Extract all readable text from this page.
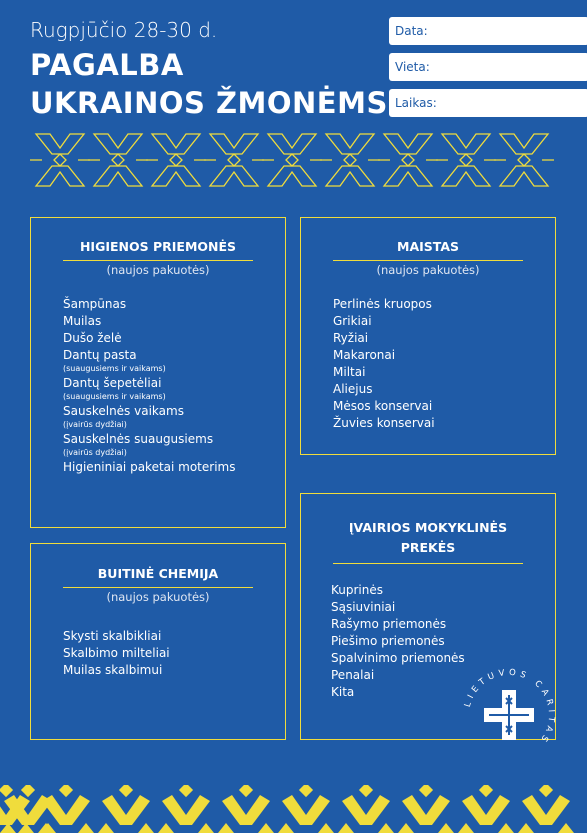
Rugpjūčio 28-30 d.
PAGALBA
UKRAINOS ŽMONĖMS
Data:
Vieta:
Laikas:
HIGIENOS PRIEMONĖS
(naujos pakuotės)
Šampūnas
Muilas
Dušo želė
Dantų pasta
(suaugusiems ir vaikams)
Dantų šepetėliai
(suaugusiems ir vaikams)
Sauskelnės vaikams
(įvairūs dydžiai)
Sauskelnės suaugusiems
(įvairūs dydžiai)
Higieniniai paketai moterims
MAISTAS
(naujos pakuotės)
Perlinės kruopos
Grikiai
Ryžiai
Makaronai
Miltai
Aliejus
Mėsos konservai
Žuvies konservai
BUITINĖ CHEMIJA
(naujos pakuotės)
Skysti skalbikliai
Skalbimo milteliai
Muilas skalbimui
ĮVAIRIOS MOKYKLINĖS
PREKĖS
Kuprinės
Sąsiuviniai
Rašymo priemonės
Piešimo priemonės
Spalvinimo priemonės
Penalai
Kita
LIETUVOS CARITAS
